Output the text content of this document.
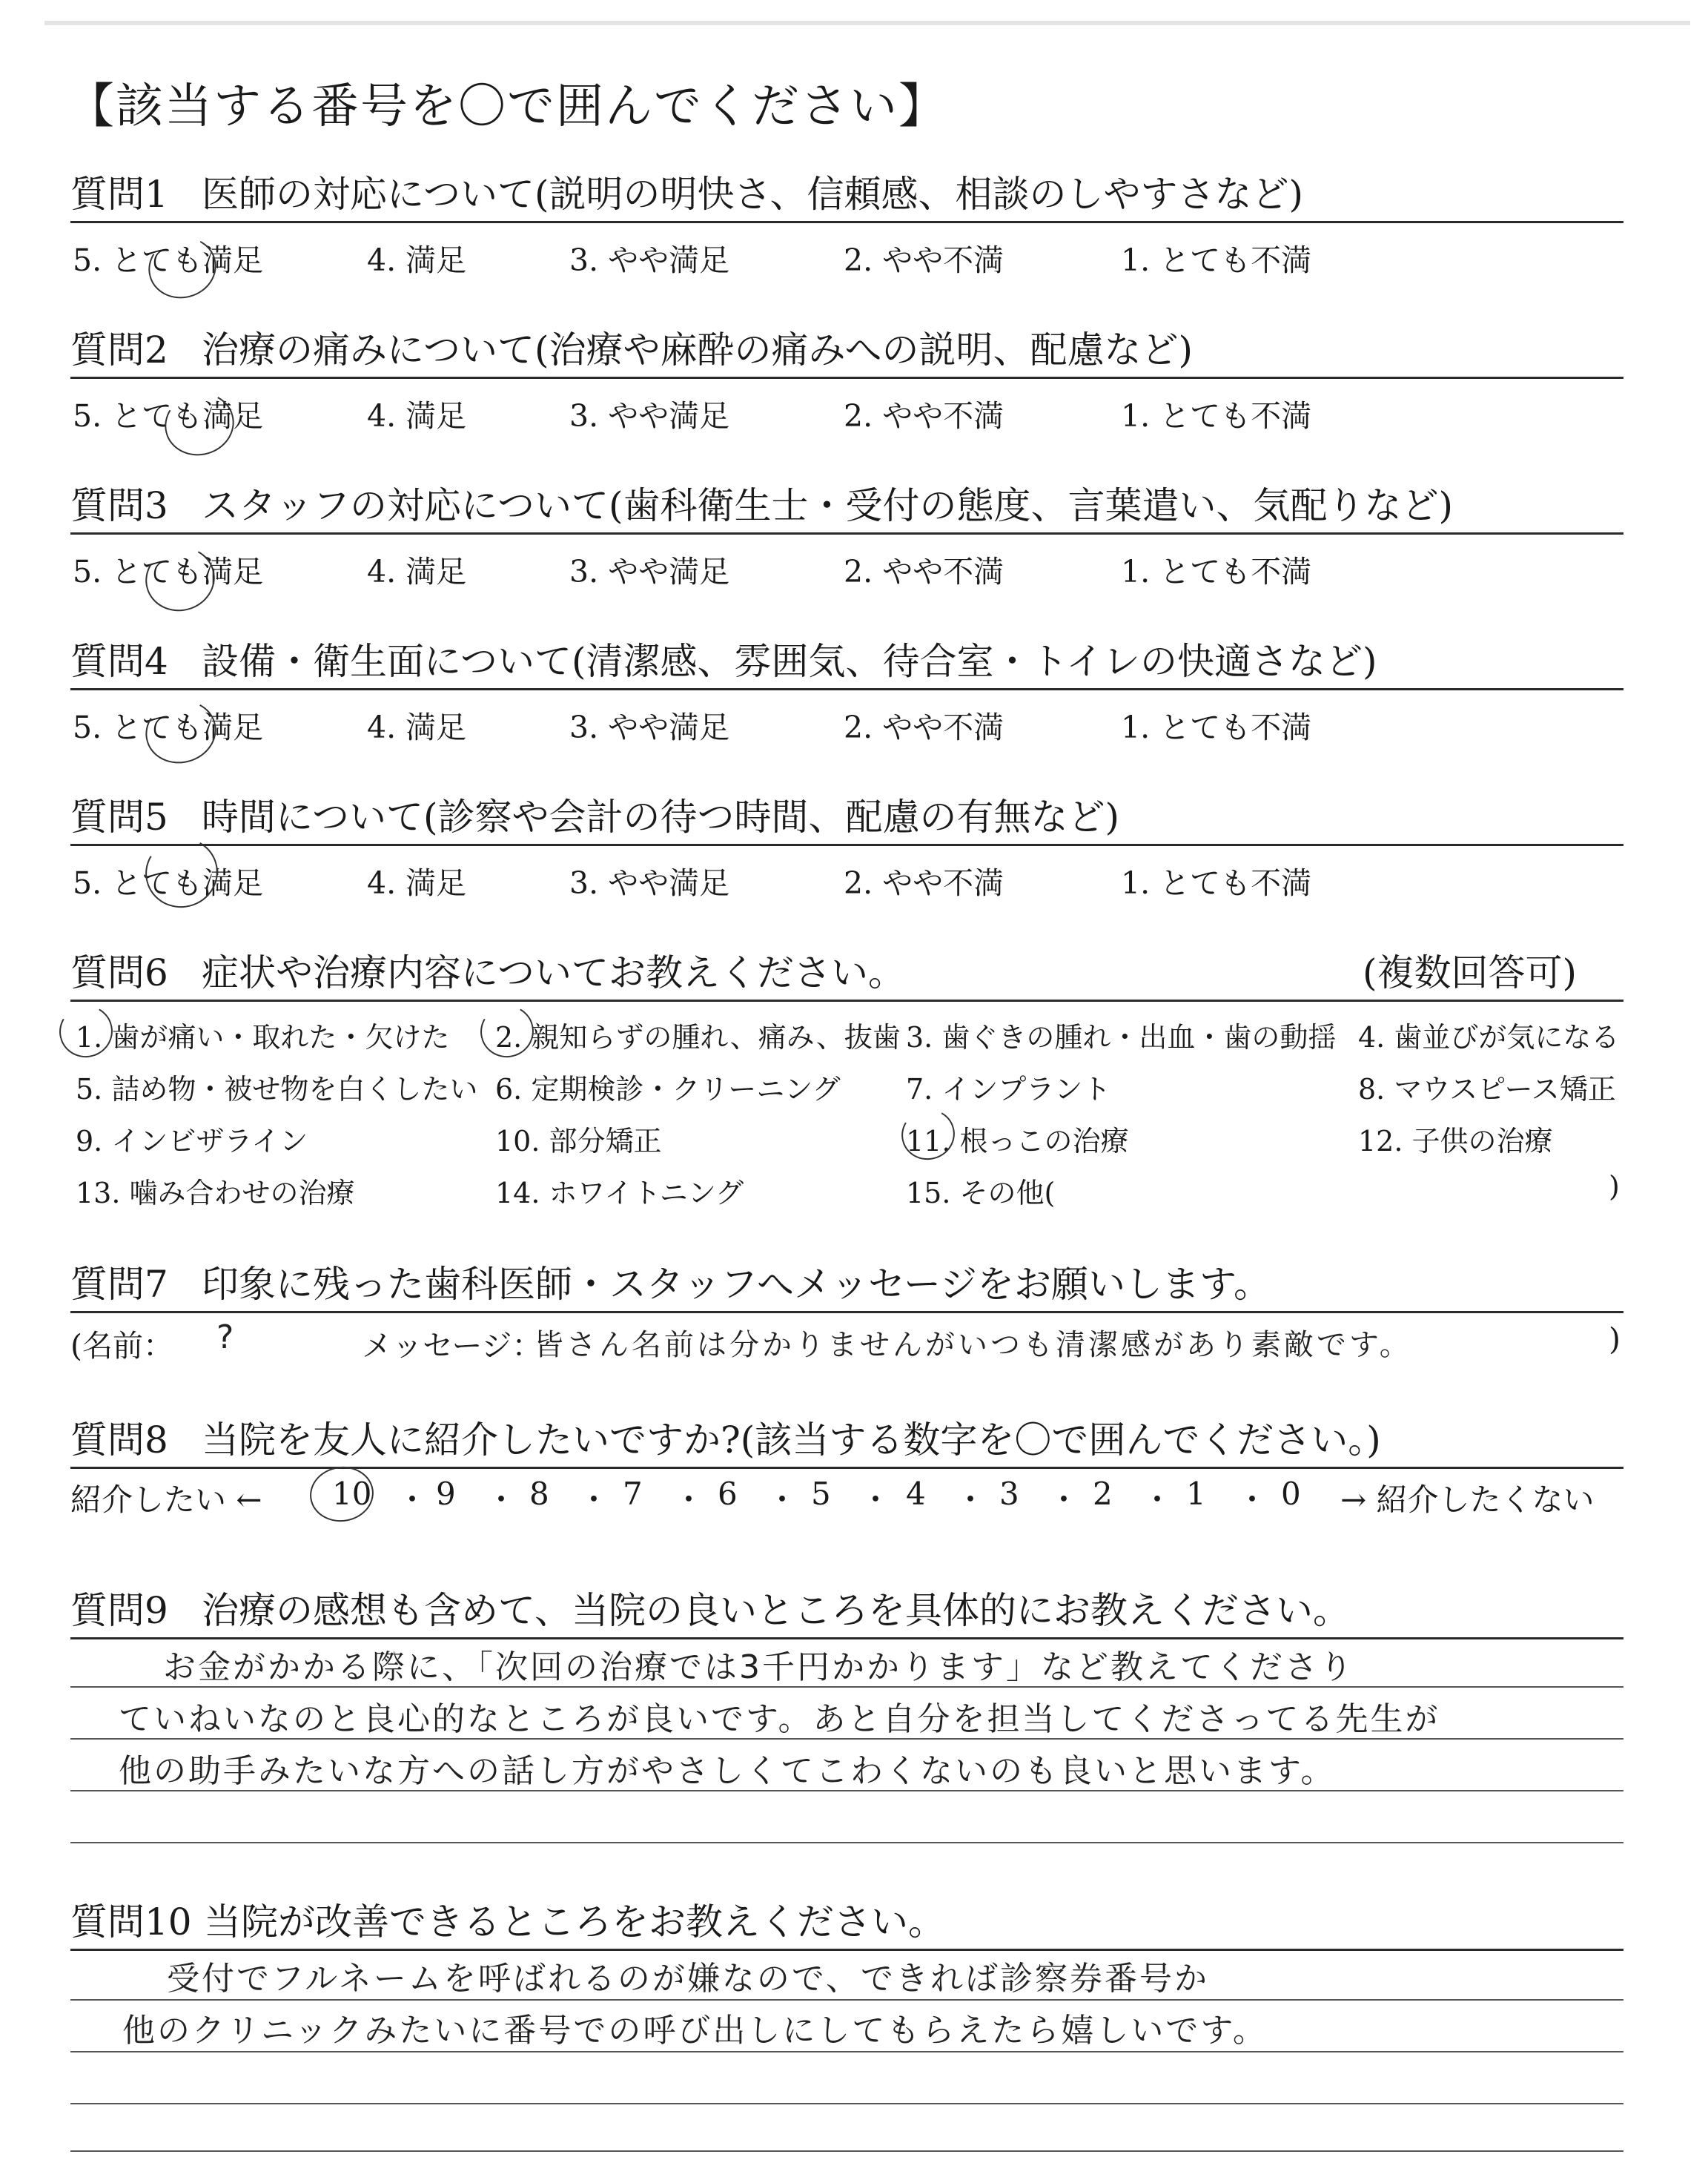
【該当する番号を〇で囲んでください】
質問1 医師の対応について(説明の明快さ、信頼感、相談のしやすさなど)
5. とても満足	4. 満足	3. やや満足	2. やや不満	1. とても不満
質問2 治療の痛みについて(治療や麻酔の痛みへの説明、配慮など)
5. とても満足	4. 満足	3. やや満足	2. やや不満	1. とても不満
質問3 スタッフの対応について(歯科衛生士・受付の態度、言葉遣い、気配りなど)
5. とても満足	4. 満足	3. やや満足	2. やや不満	1. とても不満
質問4 設備・衛生面について(清潔感、雰囲気、待合室・トイレの快適さなど)
5. とても満足	4. 満足	3. やや満足	2. やや不満	1. とても不満
質問5 時間について(診察や会計の待つ時間、配慮の有無など)
5. とても満足	4. 満足	3. やや満足	2. やや不満	1. とても不満
質問6 症状や治療内容についてお教えください。	(複数回答可)
1. 歯が痛い・取れた・欠けた 2. 親知らずの腫れ、痛み、抜歯 3. 歯ぐきの腫れ・出血・歯の動揺 4. 歯並びが気になる
5. 詰め物・被せ物を白くしたい 6. 定期検診・クリーニング 7. インプラント	8. マウスピース矯正
9. インビザライン	10. 部分矯正	11. 根っこの治療	12. 子供の治療
13. 噛み合わせの治療	14. ホワイトニング	15. その他(	)
質問7 印象に残った歯科医師・スタッフへメッセージをお願いします。
(名前： ?	メッセージ：
皆さん名前は分かりませんがいつも清潔感があり素敵です。	)
質問8 当院を友人に紹介したいですか?(該当する数字を〇で囲んでください。)
紹介したい ← 10 ・ 9 ・ 8 ・ 7 ・ 6 ・ 5 ・ 4 ・ 3 ・ 2 ・ 1 ・ 0 → 紹介したくない
質問9 治療の感想も含めて、当院の良いところを具体的にお教えください。
お金がかかる際に、「次回の治療では3千円かかります」など教えてくださり
ていねいなのと良心的なところが良いです。あと自分を担当してくださってる先生が
他の助手みたいな方への話し方がやさしくてこわくないのも良いと思います。
質問10 当院が改善できるところをお教えください。
受付でフルネームを呼ばれるのが嫌なので、できれば診察券番号か
他のクリニックみたいに番号での呼び出しにしてもらえたら嬉しいです。
